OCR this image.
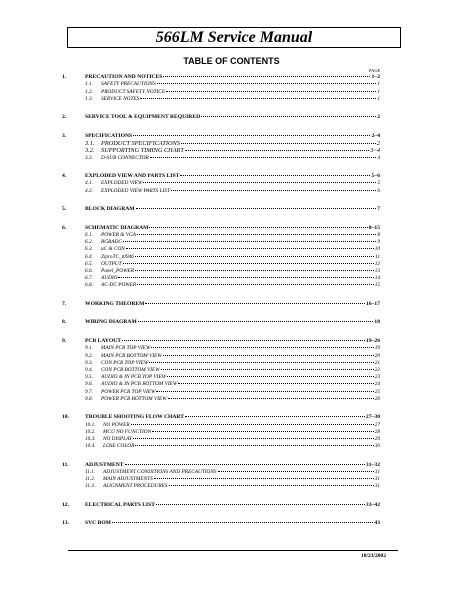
566LM Service Manual
TABLE OF CONTENTS
PAGE
1.	PRECAUTION AND NOTICES	1~2
1.1.	SAFETY PRECAUTIONS	1
1.2.	PRODUCT SAFETY NOTICE	1
1.3.	SERVICE NOTES	1
2.	SERVICE TOOL & EQUIPMENT REQUIRED	2
3.	SPECIFICATIONS	2~4
3.1.	PRODUCT SPECIFICATIONS	2
3.2.	SUPPORTING TIMING CHART	3~4
3.3.	D-SUB CONNECTOR	4
4.	EXPLODED VIEW AND PARTS LIST	5~6
4.1.	EXPLODED VIEW	5
4.2.	EXPLODED VIEW PARTS LIST	6
5.	BLOCK DIAGRAM	7
6.	SCHEMATIC DIAGRAM	8~15
6.1.	POWER & VGA	8
6.2.	RGBADC	9
6.3.	uC & CON	10
6.4.	ZiproTC_t0946	11
6.5.	OUTPUT	12
6.6.	Panel_POWER	13
6.7.	AUDIO	14
6.8.	AC-DC POWER	15
7.	WORKING THEOREM	16~17
8.	WIRING DIAGRAM	18
9.	PCB LAYOUT	19~26
9.1.	MAIN PCB TOP VIEW	19
9.2.	MAIN PCB BOTTOM VIEW	20
9.3.	CON PCB TOP VIEW	21
9.4.	CON PCB BOTTOM VIEW	22
9.5.	AUDIO & IN PCB TOP VIEW	23
9.6.	AUDIO & IN PCB BOTTOM VIEW	24
9.7.	POWER PCB TOP VIEW	25
9.8.	POWER PCB BOTTOM VIEW	26
10.	TROUBLE SHOOTING FLOW CHART	27~30
10.1.	NO POWER	27
10.2.	MCU NO FUNCTION	28
10.3.	NO DISPLAY	29
10.4.	LOSE COLOR	30
11.	ADJUSTMENT	31~32
11.1.	ADJUSTMENT CONDITIONS AND PRECAUTIONS	31
11.2.	MAIN ADJUSTMENTS	31
11.3.	ALIGNMENT PROCEDURES	31
12.	ELECTRICAL PARTS LIST	33~42
13.	SVC BOM	43
10/23/2002
